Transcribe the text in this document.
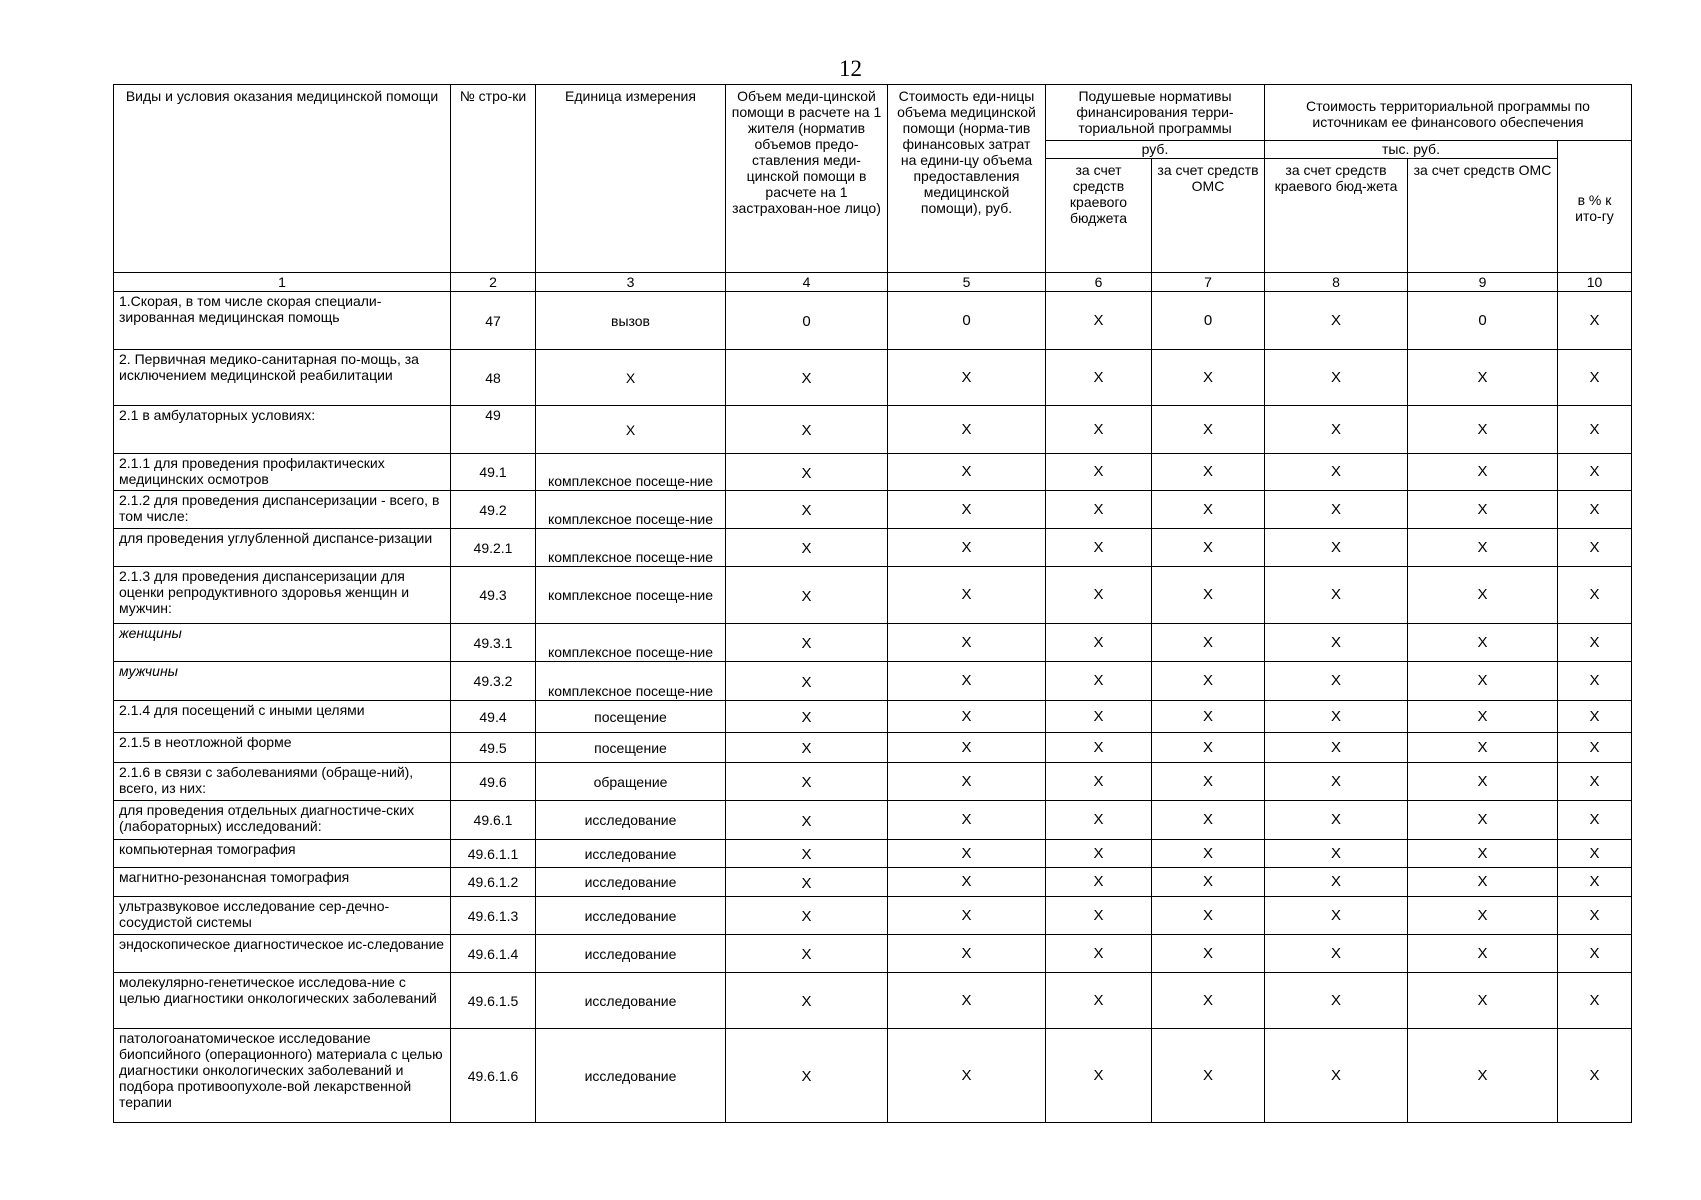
12
Виды и условия оказания медицинской помощи	№ стро-ки	Единица измерения	Объем меди-цинской помощи в расчете на 1 жителя (норматив объемов предо-ставления меди-цинской помощи в расчете на 1 застрахован-ное лицо)	Стоимость еди-ницы объема медицинской помощи (норма-тив финансовых затрат на едини-цу объема предоставления медицинской помощи), руб.	Подушевые нормативы финансирования терри-ториальной программы		Стоимость территориальной программы по источникам ее финансового обеспечения		
					руб.		тыс. руб.		в % к ито-гу
					за счет средств краевого бюджета	за счет средств ОМС	за счет средств краевого бюд-жета	за счет средств ОМС	
1	2	3	4	5	6	7	8	9	10
1.Скорая, в том числе скорая специали-зированная медицинская помощь	47	вызов	0	0	X	0	X	0	X
2. Первичная медико-санитарная по-мощь, за исключением медицинской реабилитации	48	X	X	X	X	X	X	X	X
2.1 в амбулаторных условиях:	49	X	X	X	X	X	X	X	X
2.1.1 для проведения профилактических медицинских осмотров	49.1	комплексное посеще-ние	X	X	X	X	X	X	X
2.1.2 для проведения диспансеризации - всего, в том числе:	49.2	комплексное посеще-ние	X	X	X	X	X	X	X
для проведения углубленной диспансе-ризации	49.2.1	комплексное посеще-ние	X	X	X	X	X	X	X
2.1.3 для проведения диспансеризации для оценки репродуктивного здоровья женщин и мужчин:	49.3	комплексное посеще-ние	X	X	X	X	X	X	X
женщины	49.3.1	комплексное посеще-ние	X	X	X	X	X	X	X
мужчины	49.3.2	комплексное посеще-ние	X	X	X	X	X	X	X
2.1.4 для посещений с иными целями	49.4	посещение	X	X	X	X	X	X	X
2.1.5 в неотложной форме	49.5	посещение	X	X	X	X	X	X	X
2.1.6 в связи с заболеваниями (обраще-ний), всего, из них:	49.6	обращение	X	X	X	X	X	X	X
для проведения отдельных диагностиче-ских (лабораторных) исследований:	49.6.1	исследование	X	X	X	X	X	X	X
компьютерная томография	49.6.1.1	исследование	X	X	X	X	X	X	X
магнитно-резонансная томография	49.6.1.2	исследование	X	X	X	X	X	X	X
ультразвуковое исследование сер-дечно-сосудистой системы	49.6.1.3	исследование	X	X	X	X	X	X	X
эндоскопическое диагностическое ис-следование	49.6.1.4	исследование	X	X	X	X	X	X	X
молекулярно-генетическое исследова-ние с целью диагностики онкологических заболеваний	49.6.1.5	исследование	X	X	X	X	X	X	X
патологоанатомическое исследование биопсийного (операционного) материала с целью диагностики онкологических заболеваний и подбора противоопухоле-вой лекарственной терапии	49.6.1.6	исследование	X	X	X	X	X	X	X
